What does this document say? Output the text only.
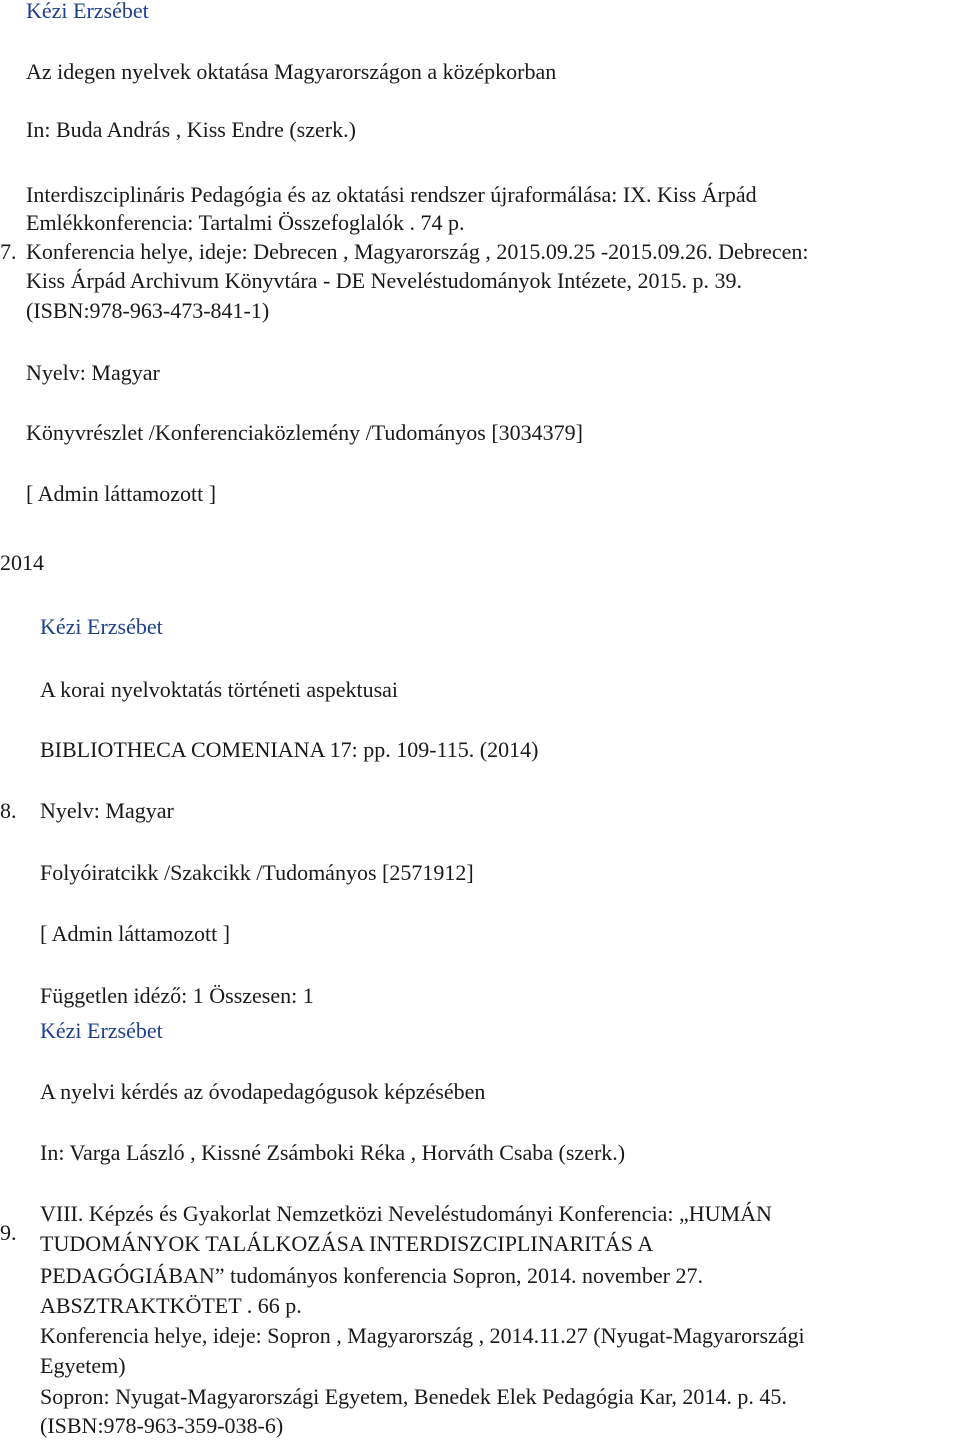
Kézi Erzsébet
Az idegen nyelvek oktatása Magyarországon a középkorban
In: Buda András , Kiss Endre (szerk.)
Interdiszciplináris Pedagógia és az oktatási rendszer újraformálása: IX. Kiss Árpád
Emlékkonferencia: Tartalmi Összefoglalók . 74 p.
7. Konferencia helye, ideje: Debrecen , Magyarország , 2015.09.25 -2015.09.26. Debrecen:
Kiss Árpád Archivum Könyvtára - DE Neveléstudományok Intézete, 2015. p. 39.
(ISBN:978-963-473-841-1)
Nyelv: Magyar
Könyvrészlet /Konferenciaközlemény /Tudományos [3034379]
[ Admin láttamozott ]
2014
Kézi Erzsébet
A korai nyelvoktatás történeti aspektusai
BIBLIOTHECA COMENIANA 17: pp. 109-115. (2014)
8. Nyelv: Magyar
Folyóiratcikk /Szakcikk /Tudományos [2571912]
[ Admin láttamozott ]
Független idéző: 1 Összesen: 1
Kézi Erzsébet
A nyelvi kérdés az óvodapedagógusok képzésében
In: Varga László , Kissné Zsámboki Réka , Horváth Csaba (szerk.)
9.
VIII. Képzés és Gyakorlat Nemzetközi Neveléstudományi Konferencia: „HUMÁN
TUDOMÁNYOK TALÁLKOZÁSA INTERDISZCIPLINARITÁS A
PEDAGÓGIÁBAN” tudományos konferencia Sopron, 2014. november 27.
ABSZTRAKTKÖTET . 66 p.
Konferencia helye, ideje: Sopron , Magyarország , 2014.11.27 (Nyugat-Magyarországi
Egyetem)
Sopron: Nyugat-Magyarországi Egyetem, Benedek Elek Pedagógia Kar, 2014. p. 45.
(ISBN:978-963-359-038-6)
